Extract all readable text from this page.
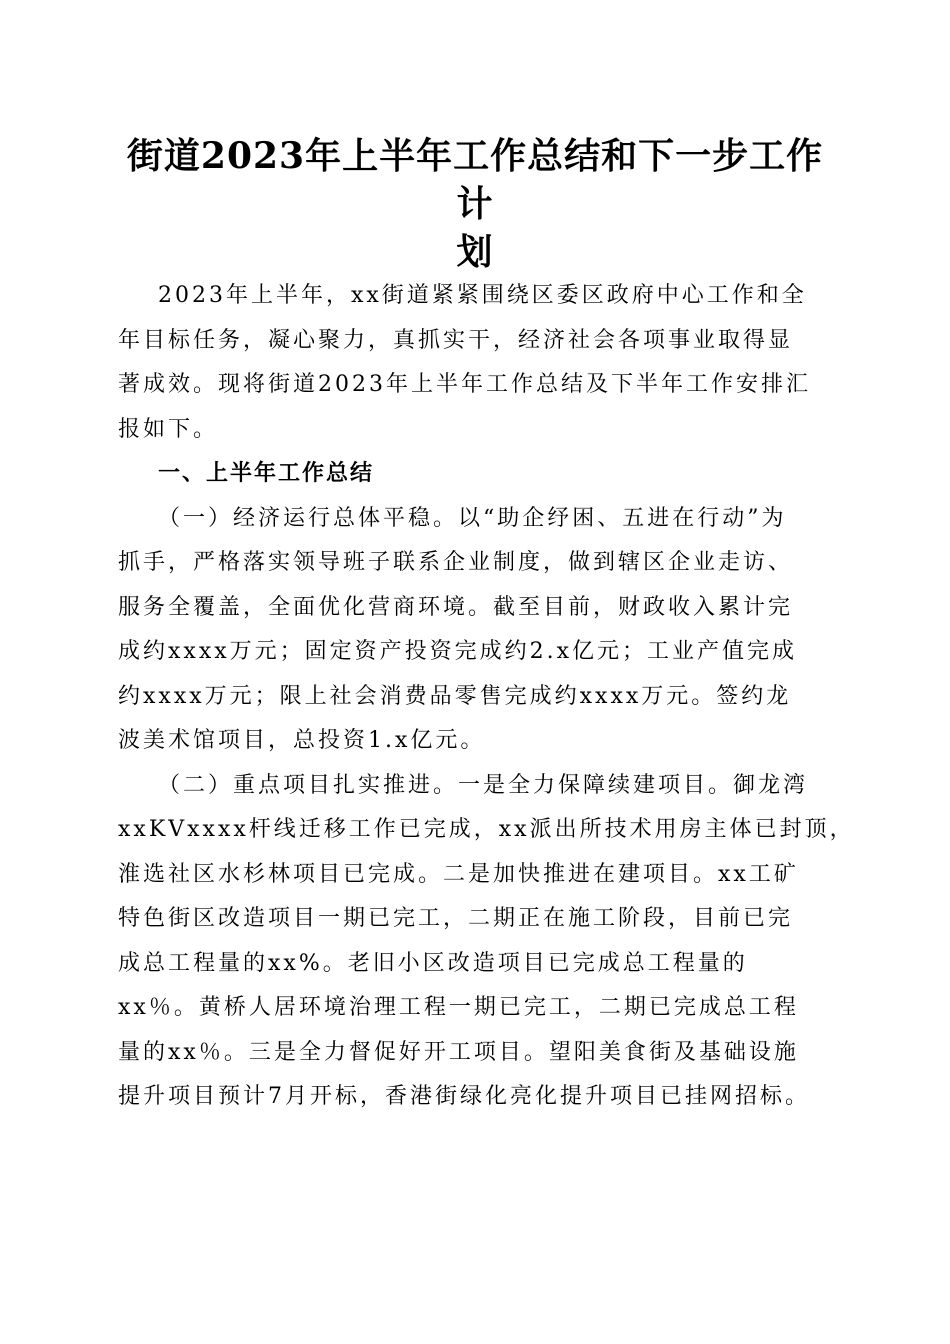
街道2023年上半年工作总结和下一步工作计
划
2023年上半年，xx街道紧紧围绕区委区政府中心工作和全
年目标任务，凝心聚力，真抓实干，经济社会各项事业取得显
著成效。现将街道2023年上半年工作总结及下半年工作安排汇
报如下。
一、上半年工作总结
（一）经济运行总体平稳。以“助企纾困、五进在行动”为
抓手，严格落实领导班子联系企业制度，做到辖区企业走访、
服务全覆盖，全面优化营商环境。截至目前，财政收入累计完
成约xxxx万元；固定资产投资完成约2.x亿元；工业产值完成
约xxxx万元；限上社会消费品零售完成约xxxx万元。签约龙
波美术馆项目，总投资1.x亿元。
（二）重点项目扎实推进。一是全力保障续建项目。御龙湾
xxKVxxxx杆线迁移工作已完成，xx派出所技术用房主体已封顶，
淮选社区水杉林项目已完成。二是加快推进在建项目。xx工矿
特色街区改造项目一期已完工，二期正在施工阶段，目前已完
成总工程量的xx%。老旧小区改造项目已完成总工程量的
xx％。黄桥人居环境治理工程一期已完工，二期已完成总工程
量的xx％。三是全力督促好开工项目。望阳美食街及基础设施
提升项目预计7月开标，香港街绿化亮化提升项目已挂网招标。
